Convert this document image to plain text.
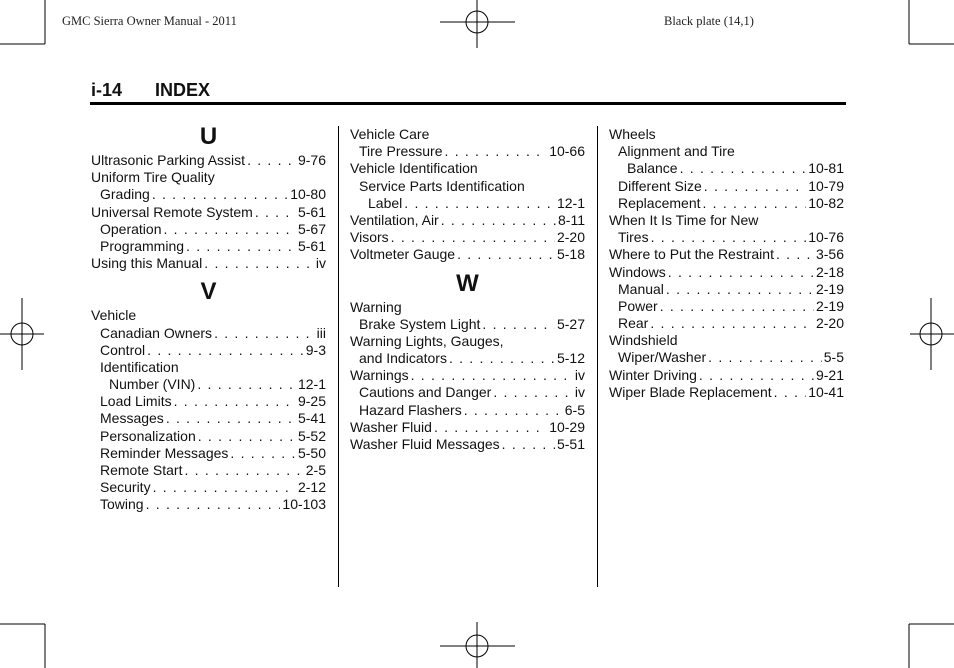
GMC Sierra Owner Manual - 2011	Black plate (14,1)
i-14 INDEX
U
Ultrasonic Parking Assist . . .	9-76
Uniform Tire Quality
Grading . . .	10-80
Universal Remote System . . .	5-61
Operation . . .	5-67
Programming . . .	5-61
Using this Manual . . .	iv
V
Vehicle
Canadian Owners . . .	iii
Control . . .	9-3
Identification
Number (VIN) . . .	12-1
Load Limits . . .	9-25
Messages . . .	5-41
Personalization . . .	5-52
Reminder Messages . . .	5-50
Remote Start . . .	2-5
Security . . .	2-12
Towing . . .	10-103
Vehicle Care
Tire Pressure . . .	10-66
Vehicle Identification
Service Parts Identification
Label . . .	12-1
Ventilation, Air . . .	8-11
Visors . . .	2-20
Voltmeter Gauge . . .	5-18
W
Warning
Brake System Light . . .	5-27
Warning Lights, Gauges,
and Indicators . . .	5-12
Warnings . . .	iv
Cautions and Danger . . .	iv
Hazard Flashers . . .	6-5
Washer Fluid . . .	10-29
Washer Fluid Messages . . .	5-51
Wheels
Alignment and Tire
Balance . . .	10-81
Different Size . . .	10-79
Replacement . . .	10-82
When It Is Time for New
Tires . . .	10-76
Where to Put the Restraint . . .	3-56
Windows . . .	2-18
Manual . . .	2-19
Power . . .	2-19
Rear . . .	2-20
Windshield
Wiper/Washer . . .	5-5
Winter Driving . . .	9-21
Wiper Blade Replacement . . .	10-41
